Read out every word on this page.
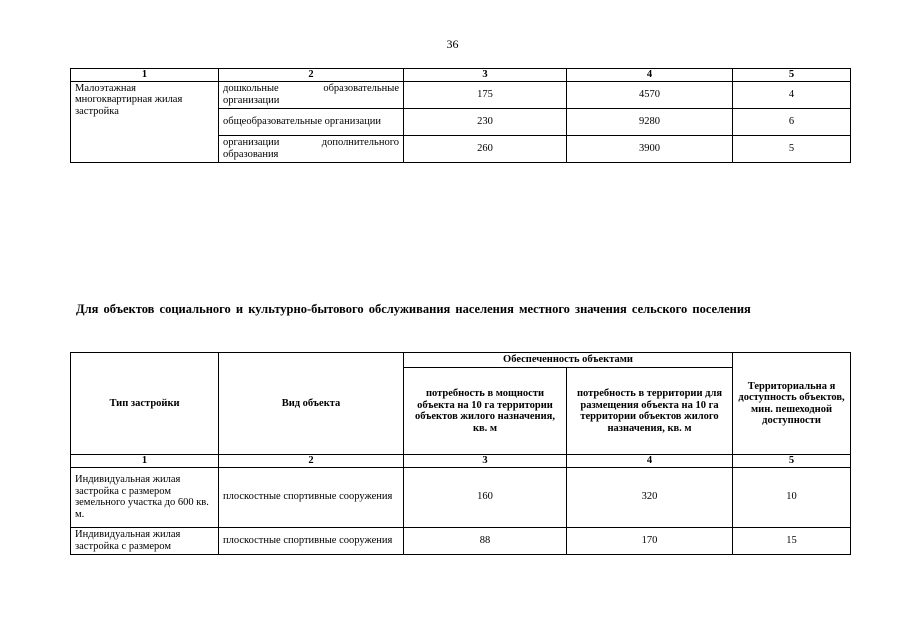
36
1	2	3	4	5
Малоэтажная многоквартирная жилая застройка	дошкольные образовательные организации	175	4570	4
	общеобразовательные организации	230	9280	6
	организации дополнительного образования	260	3900	5
Для объектов социального и культурно-бытового обслуживания населения местного значения сельского поселения
Тип застройки	Вид объекта	Обеспеченность объектами		Территориальна я доступность объектов, мин. пешеходной доступности
		потребность в мощности объекта на 10 га территории объектов жилого назначения, кв. м	потребность в территории для размещения объекта на 10 га территории объектов жилого назначения, кв. м	
1	2	3	4	5
Индивидуальная жилая застройка с размером земельного участка до 600 кв. м.	плоскостные спортивные сооружения	160	320	10
Индивидуальная жилая застройка с размером	плоскостные спортивные сооружения	88	170	15
